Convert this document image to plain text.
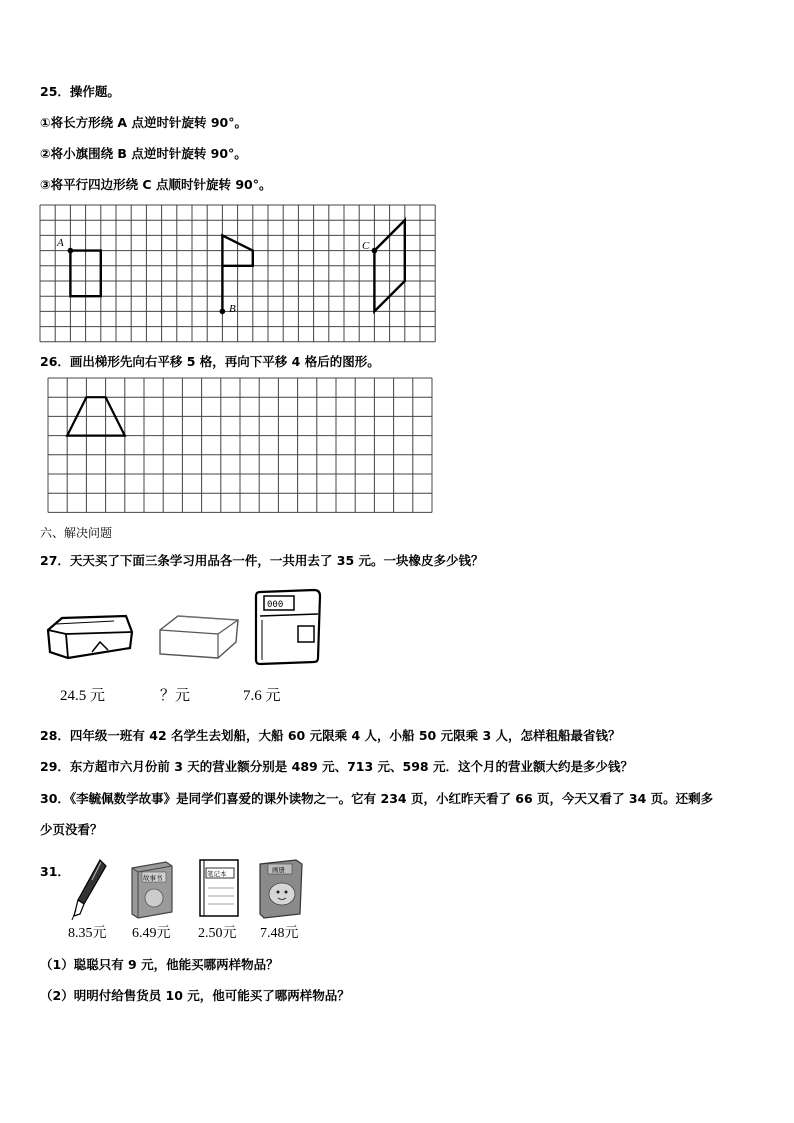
25．操作题。
①将长方形绕 A 点逆时针旋转 90°。
②将小旗围绕 B 点逆时针旋转 90°。
③将平行四边形绕 C 点顺时针旋转 90°。
A
B
C
26．画出梯形先向右平移 5 格，再向下平移 4 格后的图形。
六、解决问题
27．天天买了下面三条学习用品各一件，一共用去了 35 元。一块橡皮多少钱？
000
24.5 元	？元	7.6 元
28．四年级一班有 42 名学生去划船，大船 60 元限乘 4 人，小船 50 元限乘 3 人，怎样租船最省钱？
29．东方超市六月份前 3 天的营业额分别是 489 元、713 元、598 元．这个月的营业额大约是多少钱？
30．《李毓佩数学故事》是同学们喜爱的课外读物之一。它有 234 页，小红昨天看了 66 页，今天又看了 34 页。还剩多
少页没看？
31．	故事书	笔记本	画册
8.35元 6.49元 2.50元 7.48元
（1）聪聪只有 9 元，他能买哪两样物品？
（2）明明付给售货员 10 元，他可能买了哪两样物品？
